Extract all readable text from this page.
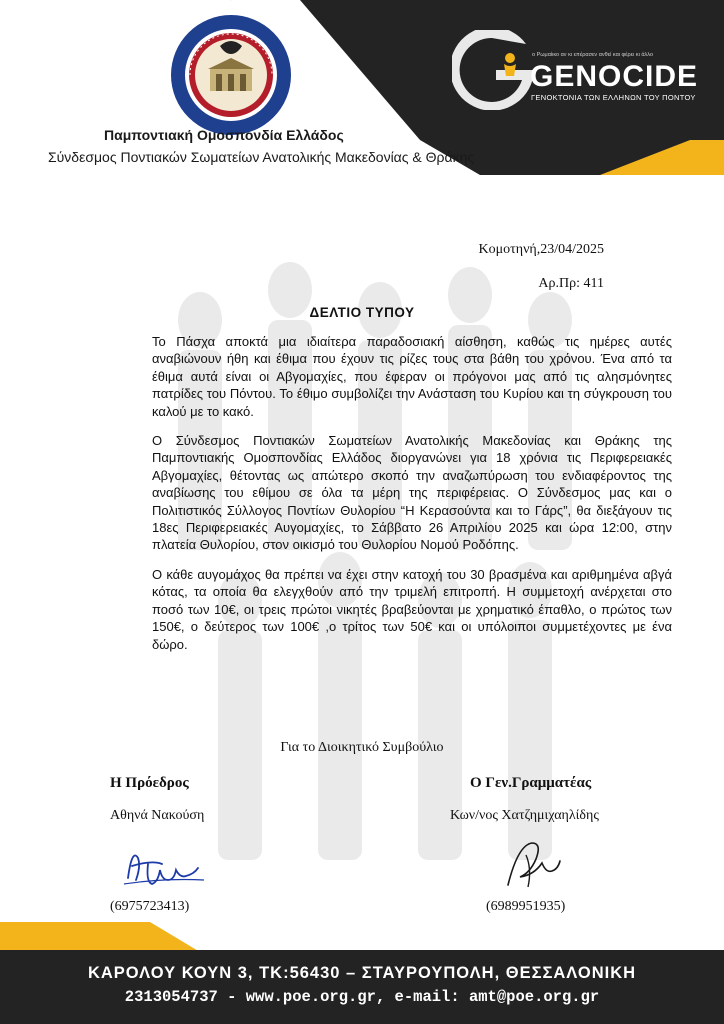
ο Ρωμαίικο αν κι επέρασεν ανθεί και φέρει κι άλλο
GENOCIDE
ΓΕΝΟΚΤΟΝΙΑ ΤΩΝ ΕΛΛΗΝΩΝ ΤΟΥ ΠΟΝΤΟΥ
Παμποντιακή Ομοσπονδία Ελλάδος
Σύνδεσμος Ποντιακών Σωματείων Ανατολικής Μακεδονίας & Θράκης
Κομοτηνή,23/04/2025
Αρ.Πρ: 411
ΔΕΛΤΙΟ ΤΥΠΟΥ

Το Πάσχα αποκτά μια ιδιαίτερα παραδοσιακή αίσθηση, καθώς τις ημέρες αυτές αναβιώνουν ήθη και έθιμα που έχουν τις ρίζες τους στα βάθη του χρόνου. Ένα από τα έθιμα αυτά είναι οι Αβγομαχίες, που έφεραν οι πρόγονοι μας από τις αλησμόνητες πατρίδες του Πόντου. Το έθιμο συμβολίζει την Ανάσταση του Κυρίου και τη σύγκρουση του καλού με το κακό.

Ο Σύνδεσμος Ποντιακών Σωματείων Ανατολικής Μακεδονίας και Θράκης της Παμποντιακής Ομοσπονδίας Ελλάδος διοργανώνει για 18 χρόνια τις Περιφερειακές Αβγομαχίες, θέτοντας ως απώτερο σκοπό την αναζωπύρωση του ενδιαφέροντος της αναβίωσης του εθίμου σε όλα τα μέρη της περιφέρειας. Ο Σύνδεσμος μας και ο Πολιτιστικός Σύλλογος Ποντίων Θυλορίου “Η Κερασούντα και το Γάρς”, θα διεξάγουν τις 18ες Περιφερειακές Αυγομαχίες, το Σάββατο 26 Απριλίου 2025 και ώρα 12:00, στην πλατεία Θυλορίου, στον οικισμό του Θυλορίου Νομού Ροδόπης.

Ο κάθε αυγομάχος θα πρέπει να έχει στην κατοχή του 30 βρασμένα και αριθμημένα αβγά κότας, τα οποία θα ελεγχθούν από την τριμελή επιτροπή. Η συμμετοχή ανέρχεται στο ποσό των 10€, οι τρεις πρώτοι νικητές βραβεύονται με χρηματικό έπαθλο, ο πρώτος των 150€, ο δεύτερος των 100€ ,ο τρίτος των 50€ και οι υπόλοιποι συμμετέχοντες με ένα δώρο.

Για το Διοικητικό Συμβούλιο
Η Πρόεδρος
Αθηνά Νακούση
(6975723413)
Ο Γεν.Γραμματέας
Κων/νος Χατζημιχαηλίδης
(6989951935)
ΚΑΡΟΛΟΥ ΚΟΥΝ 3, ΤΚ:56430 – ΣΤΑΥΡΟΥΠΟΛΗ, ΘΕΣΣΑΛΟΝΙΚΗ
2313054737 - www.poe.org.gr, e-mail: amt@poe.org.gr
